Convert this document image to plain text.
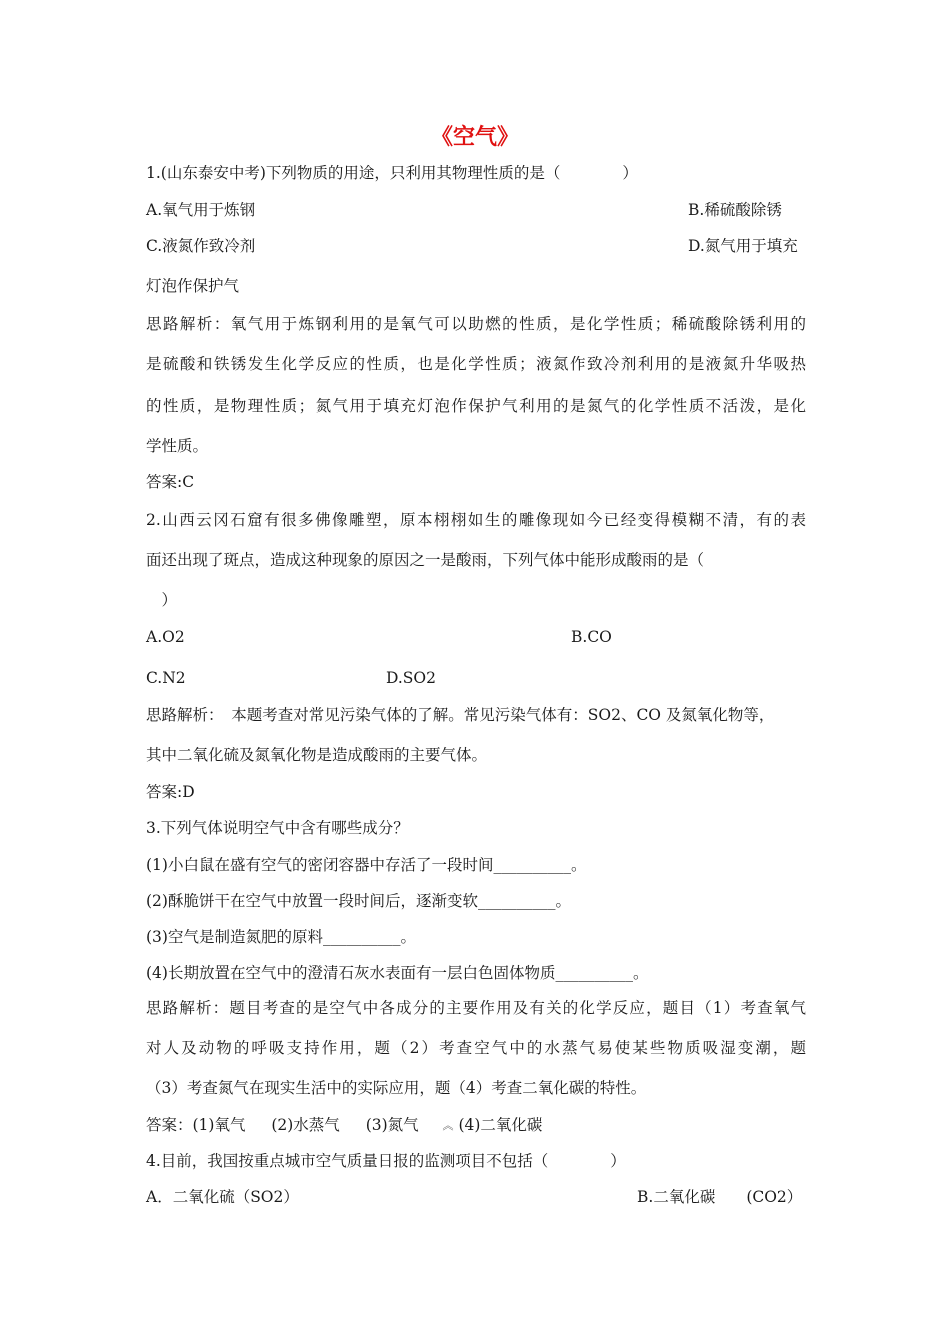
《空气》
1.(山东泰安中考)下列物质的用途，只利用其物理性质的是（　　　　）
A.氧气用于炼钢	B.稀硫酸除锈
C.液氮作致冷剂	D.氮气用于填充
灯泡作保护气
思路解析：氧气用于炼钢利用的是氧气可以助燃的性质，是化学性质；稀硫酸除锈利用的
是硫酸和铁锈发生化学反应的性质，也是化学性质；液氮作致冷剂利用的是液氮升华吸热
的性质，是物理性质；氮气用于填充灯泡作保护气利用的是氮气的化学性质不活泼，是化
学性质。
答案:C
2.山西云冈石窟有很多佛像雕塑，原本栩栩如生的雕像现如今已经变得模糊不清，有的表
面还出现了斑点，造成这种现象的原因之一是酸雨，下列气体中能形成酸雨的是（
　）
A.O2	B.CO
C.N2	D.SO2
思路解析：　本题考查对常见污染气体的了解。常见污染气体有：SO2、CO 及氮氧化物等，
其中二氧化硫及氮氧化物是造成酸雨的主要气体。
答案:D
3.下列气体说明空气中含有哪些成分？
(1)小白鼠在盛有空气的密闭容器中存活了一段时间__________。
(2)酥脆饼干在空气中放置一段时间后，逐渐变软__________。
(3)空气是制造氮肥的原料__________。
(4)长期放置在空气中的澄清石灰水表面有一层白色固体物质__________。
思路解析：题目考查的是空气中各成分的主要作用及有关的化学反应，题目（1）考查氧气
对人及动物的呼吸支持作用，题（2）考查空气中的水蒸气易使某些物质吸湿变潮，题
（3）考查氮气在现实生活中的实际应用，题（4）考查二氧化碳的特性。
答案：(1)氧气 (2)水蒸气 (3)氮气 ︽ (4)二氧化碳
4.目前，我国按重点城市空气质量日报的监测项目不包括（　　　　）
A．二氧化硫（SO2）	B.二氧化碳　　(CO2）
